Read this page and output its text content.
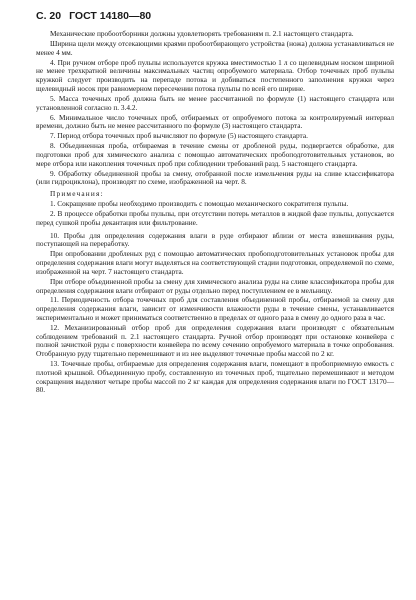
С. 20 ГОСТ 14180—80

Механические пробоотборники должны удовлетворять требованиям п. 2.1 настоящего стандарта.

Ширина щели между отсекающими краями пробоотбирающего устройства (ножа) должна устанавливаться не менее 4 мм.

4. При ручном отборе проб пульпы используется кружка вместимостью 1 л со щелевидным носком шириной не менее трехкратной величины максимальных частиц опробуемого материала. Отбор точечных проб пульпы кружкой следует производить на перепаде потока и добиваться постепенного заполнения кружки через щелевидный носок при равномерном пересечении потока пульпы по всей его ширине.

5. Масса точечных проб должна быть не менее рассчитанной по формуле (1) настоящего стандарта или установленной согласно п. 3.4.2.

6. Минимальное число точечных проб, отбираемых от опробуемого потока за контролируемый интервал времени, должно быть не менее рассчитанного по формуле (3) настоящего стандарта.

7. Период отбора точечных проб вычисляют по формуле (5) настоящего стандарта.

8. Объединенная проба, отбираемая в течение смены от дробленой руды, подвергается обработке, для подготовки проб для химического анализа с помощью автоматических пробоподготовительных установок, во мере отбора или накопления точечных проб при соблюдении требований разд. 5 настоящего стандарта.

9. Обработку объединенной пробы за смену, отобранной после измельчения руды на сливе классификатора (или гидроциклона), производят по схеме, изображенной на черт. 8.

Примечания:

1. Сокращение пробы необходимо производить с помощью механического сократителя пульпы.

2. В процессе обработки пробы пульпы, при отсутствии потерь металлов в жидкой фазе пульпы, допускается перед сушкой пробы декантация или фильтрование.

10. Пробы для определения содержания влаги в руде отбирают вблизи от места взвешивания руды, поступающей на переработку.

При опробовании дробленых руд с помощью автоматических пробоподготовительных установок пробы для определения содержания влаги могут выделяться на соответствующей стадии подготовки, определяемой по схеме, изображенной на черт. 7 настоящего стандарта.

При отборе объединенной пробы за смену для химического анализа руды на сливе классификатора пробы для определения содержания влаги отбирают от руды отдельно перед поступлением ее в мельницу.

11. Периодичность отбора точечных проб для составления объединенной пробы, отбираемой за смену для определения содержания влаги, зависит от изменчивости влажности руды в течение смены, устанавливается экспериментально и может приниматься соответственно в пределах от одного раза в смену до одного раза в час.

12. Механизированный отбор проб для определения содержания влаги производят с обязательным соблюдением требований п. 2.1 настоящего стандарта. Ручной отбор производят при остановке конвейера с полной зачисткой руды с поверхности конвейера по всему сечению опробуемого материала в точке опробования. Отобранную руду тщательно перемешивают и из нее выделяют точечные пробы массой по 2 кг.

13. Точечные пробы, отбираемые для определения содержания влаги, помещают в пробоприемную емкость с плотной крышкой. Объединенную пробу, составленную из точечных проб, тщательно перемешивают и методом сокращения выделяют четыре пробы массой по 2 кг каждая для определения содержания влаги по ГОСТ 13170—80.
